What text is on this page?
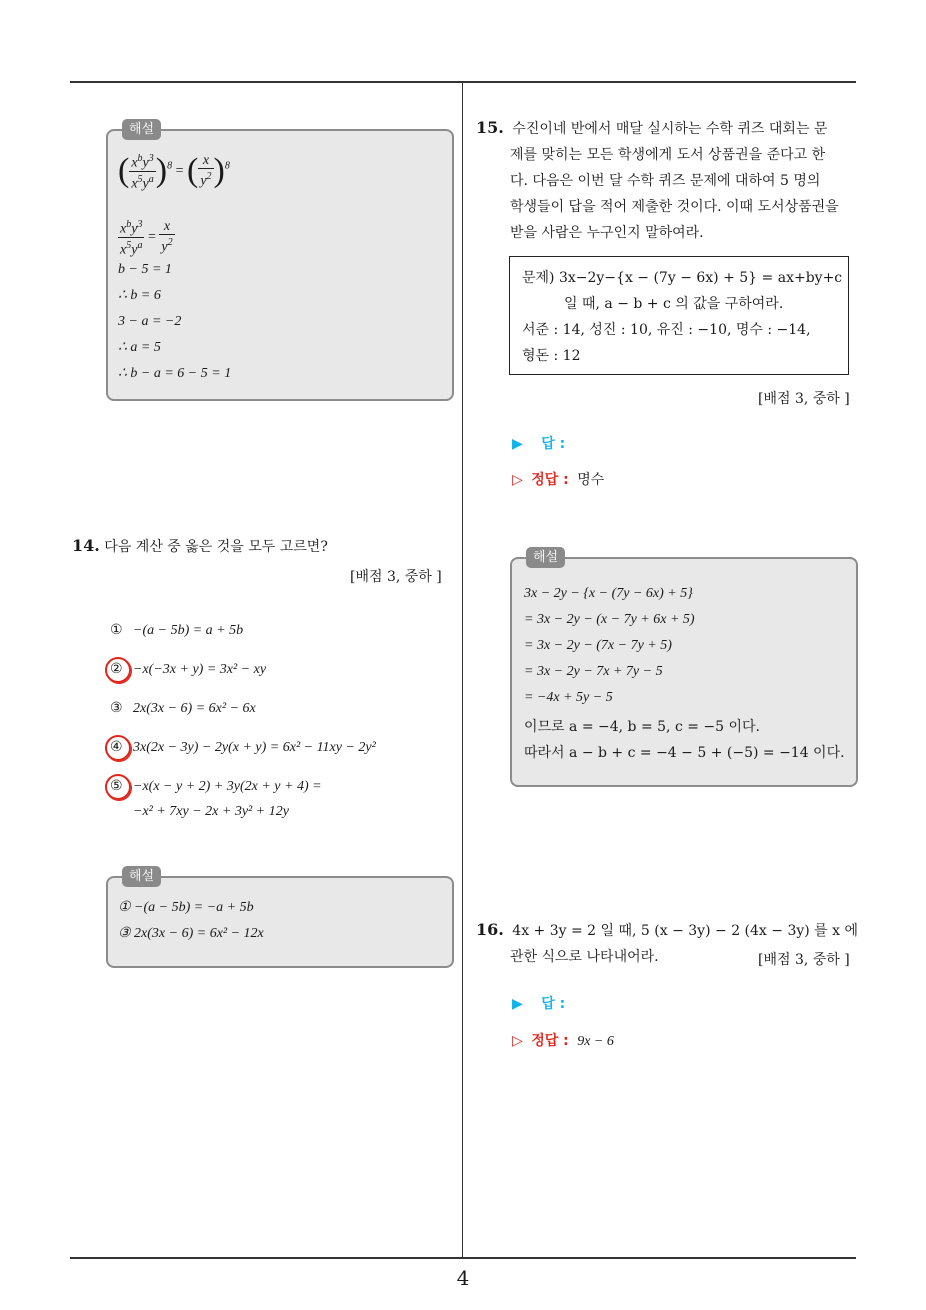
해설
( $\frac{x^by^3}{x^5y^a} )^8$ = ( $\frac{x}{y^2} )^8$
$\frac{x^by^3}{x^5y^a} = \frac{x}{y^2}$
b − 5 = 1
∴ b = 6
3 − a = −2
∴ a = 5
∴ b − a = 6 − 5 = 1
14. 다음 계산 중 옳은 것을 모두 고르면?
[배점 3, 중하 ]
① −(a − 5b) = a + 5b
② −x(−3x + y) = 3x² − xy
③ 2x(3x − 6) = 6x² − 6x
④ 3x(2x − 3y) − 2y(x + y) = 6x² − 11xy − 2y²
⑤ −x(x − y + 2) + 3y(2x + y + 4) =
−x² + 7xy − 2x + 3y² + 12y
해설
① −(a − 5b) = −a + 5b
③ 2x(3x − 6) = 6x² − 12x
15. 수진이네 반에서 매달 실시하는 수학 퀴즈 대회는 문
제를 맞히는 모든 학생에게 도서 상품권을 준다고 한
다. 다음은 이번 달 수학 퀴즈 문제에 대하여 5 명의
학생들이 답을 적어 제출한 것이다. 이때 도서상품권을
받을 사람은 누구인지 말하여라.
문제) 3x−2y−{x − (7y − 6x) + 5} = ax+by+c
일 때, a − b + c 의 값을 구하여라.
서준 : 14, 성진 : 10, 유진 : −10, 명수 : −14,
형돈 : 12
[배점 3, 중하 ]
▶ 답 :
▷ 정답 : 명수
해설
3x − 2y − {x − (7y − 6x) + 5}
= 3x − 2y − (x − 7y + 6x + 5)
= 3x − 2y − (7x − 7y + 5)
= 3x − 2y − 7x + 7y − 5
= −4x + 5y − 5
이므로 a = −4, b = 5, c = −5 이다.
따라서 a − b + c = −4 − 5 + (−5) = −14 이다.
16. 4x + 3y = 2 일 때, 5 (x − 3y) − 2 (4x − 3y) 를 x 에
관한 식으로 나타내어라.	[배점 3, 중하 ]
▶ 답 :
▷ 정답 : 9x − 6
4
